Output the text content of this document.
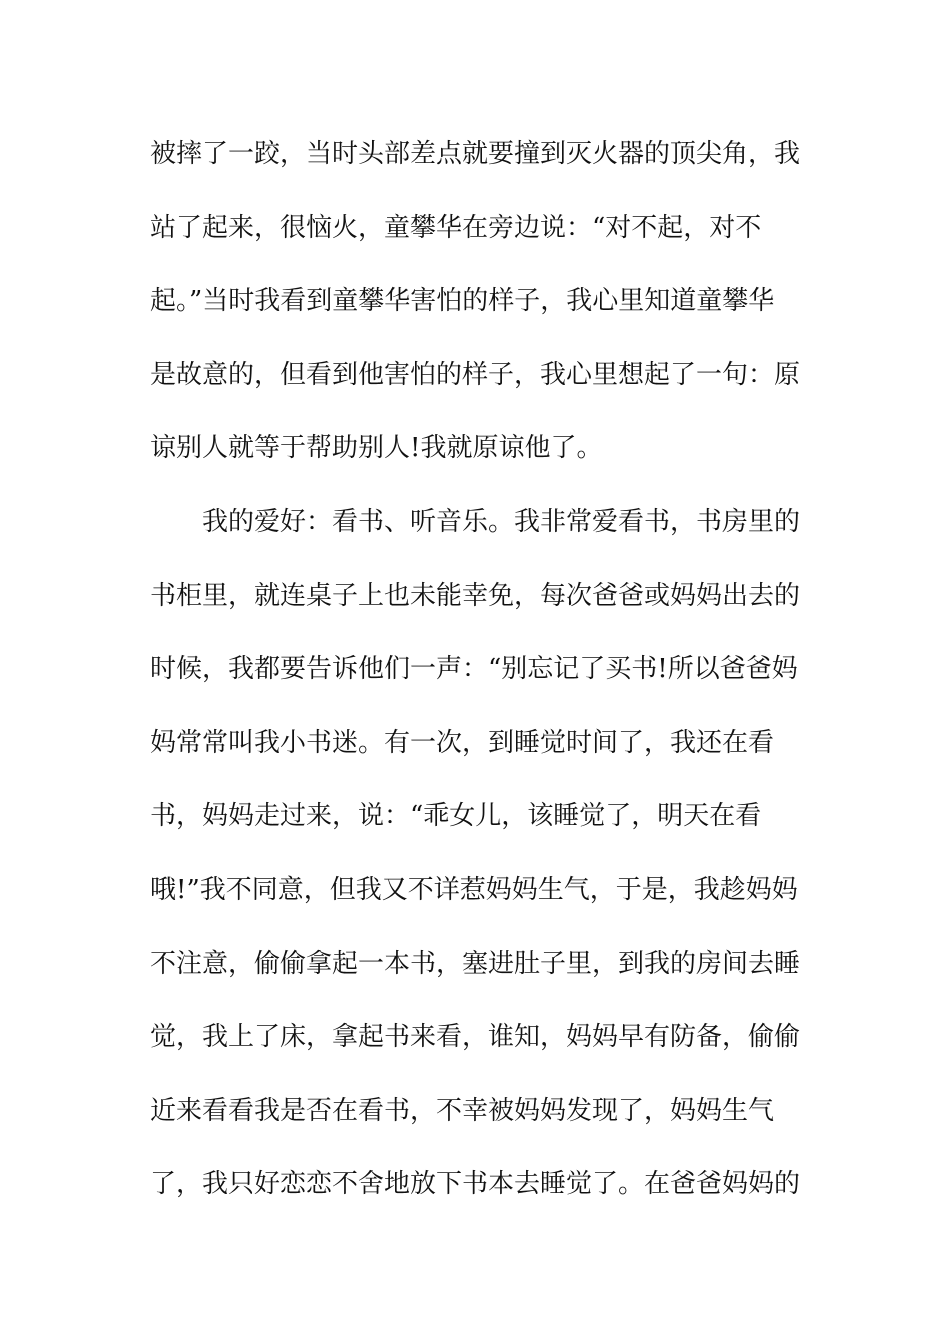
被摔了一跤，当时头部差点就要撞到灭火器的顶尖角，我
站了起来，很恼火，童攀华在旁边说：“对不起，对不
起。”当时我看到童攀华害怕的样子，我心里知道童攀华
是故意的，但看到他害怕的样子，我心里想起了一句：原
谅别人就等于帮助别人!我就原谅他了。
我的爱好：看书、听音乐。我非常爱看书，书房里的
书柜里，就连桌子上也未能幸免，每次爸爸或妈妈出去的
时候，我都要告诉他们一声：“别忘记了买书!所以爸爸妈
妈常常叫我小书迷。有一次，到睡觉时间了，我还在看
书，妈妈走过来，说：“乖女儿，该睡觉了，明天在看
哦!”我不同意，但我又不详惹妈妈生气，于是，我趁妈妈
不注意，偷偷拿起一本书，塞进肚子里，到我的房间去睡
觉，我上了床，拿起书来看，谁知，妈妈早有防备，偷偷
近来看看我是否在看书，不幸被妈妈发现了，妈妈生气
了，我只好恋恋不舍地放下书本去睡觉了。在爸爸妈妈的
